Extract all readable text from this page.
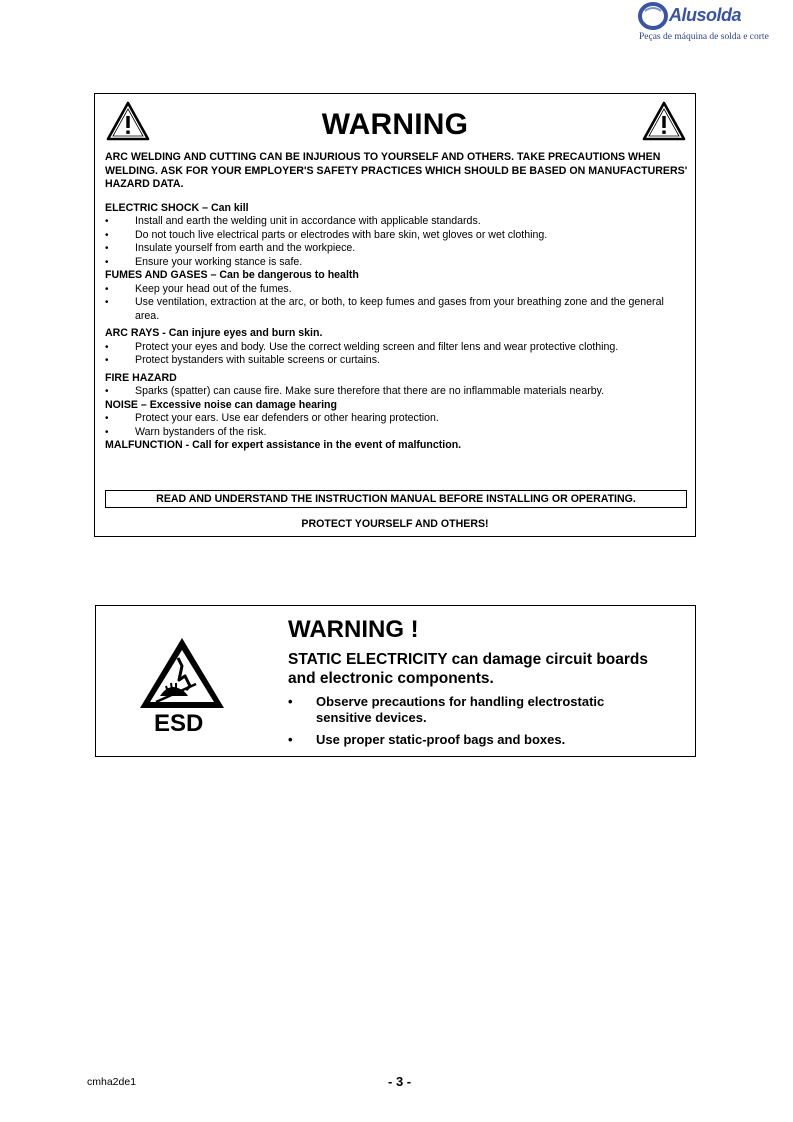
Alusolda
Peças de máquina de solda e corte
WARNING

ARC WELDING AND CUTTING CAN BE INJURIOUS TO YOURSELF AND OTHERS. TAKE PRECAUTIONS WHEN WELDING. ASK FOR YOUR EMPLOYER'S SAFETY PRACTICES WHICH SHOULD BE BASED ON MANUFACTURERS' HAZARD DATA.

ELECTRIC SHOCK – Can kill

• Install and earth the welding unit in accordance with applicable standards.
• Do not touch live electrical parts or electrodes with bare skin, wet gloves or wet clothing.
• Insulate yourself from earth and the workpiece.
• Ensure your working stance is safe.

FUMES AND GASES – Can be dangerous to health

• Keep your head out of the fumes.
• Use ventilation, extraction at the arc, or both, to keep fumes and gases from your breathing zone and the general area.

ARC RAYS - Can injure eyes and burn skin.

• Protect your eyes and body. Use the correct welding screen and filter lens and wear protective clothing.
• Protect bystanders with suitable screens or curtains.

FIRE HAZARD

• Sparks (spatter) can cause fire. Make sure therefore that there are no inflammable materials nearby.

NOISE – Excessive noise can damage hearing

• Protect your ears. Use ear defenders or other hearing protection.
• Warn bystanders of the risk.

MALFUNCTION - Call for expert assistance in the event of malfunction.

READ AND UNDERSTAND THE INSTRUCTION MANUAL BEFORE INSTALLING OR OPERATING.
PROTECT YOURSELF AND OTHERS!
ESD
WARNING !
STATIC ELECTRICITY can damage circuit boards and electronic components.
• Observe precautions for handling electrostatic sensitive devices.
• Use proper static-proof bags and boxes.
cmha2de1	- 3 -
